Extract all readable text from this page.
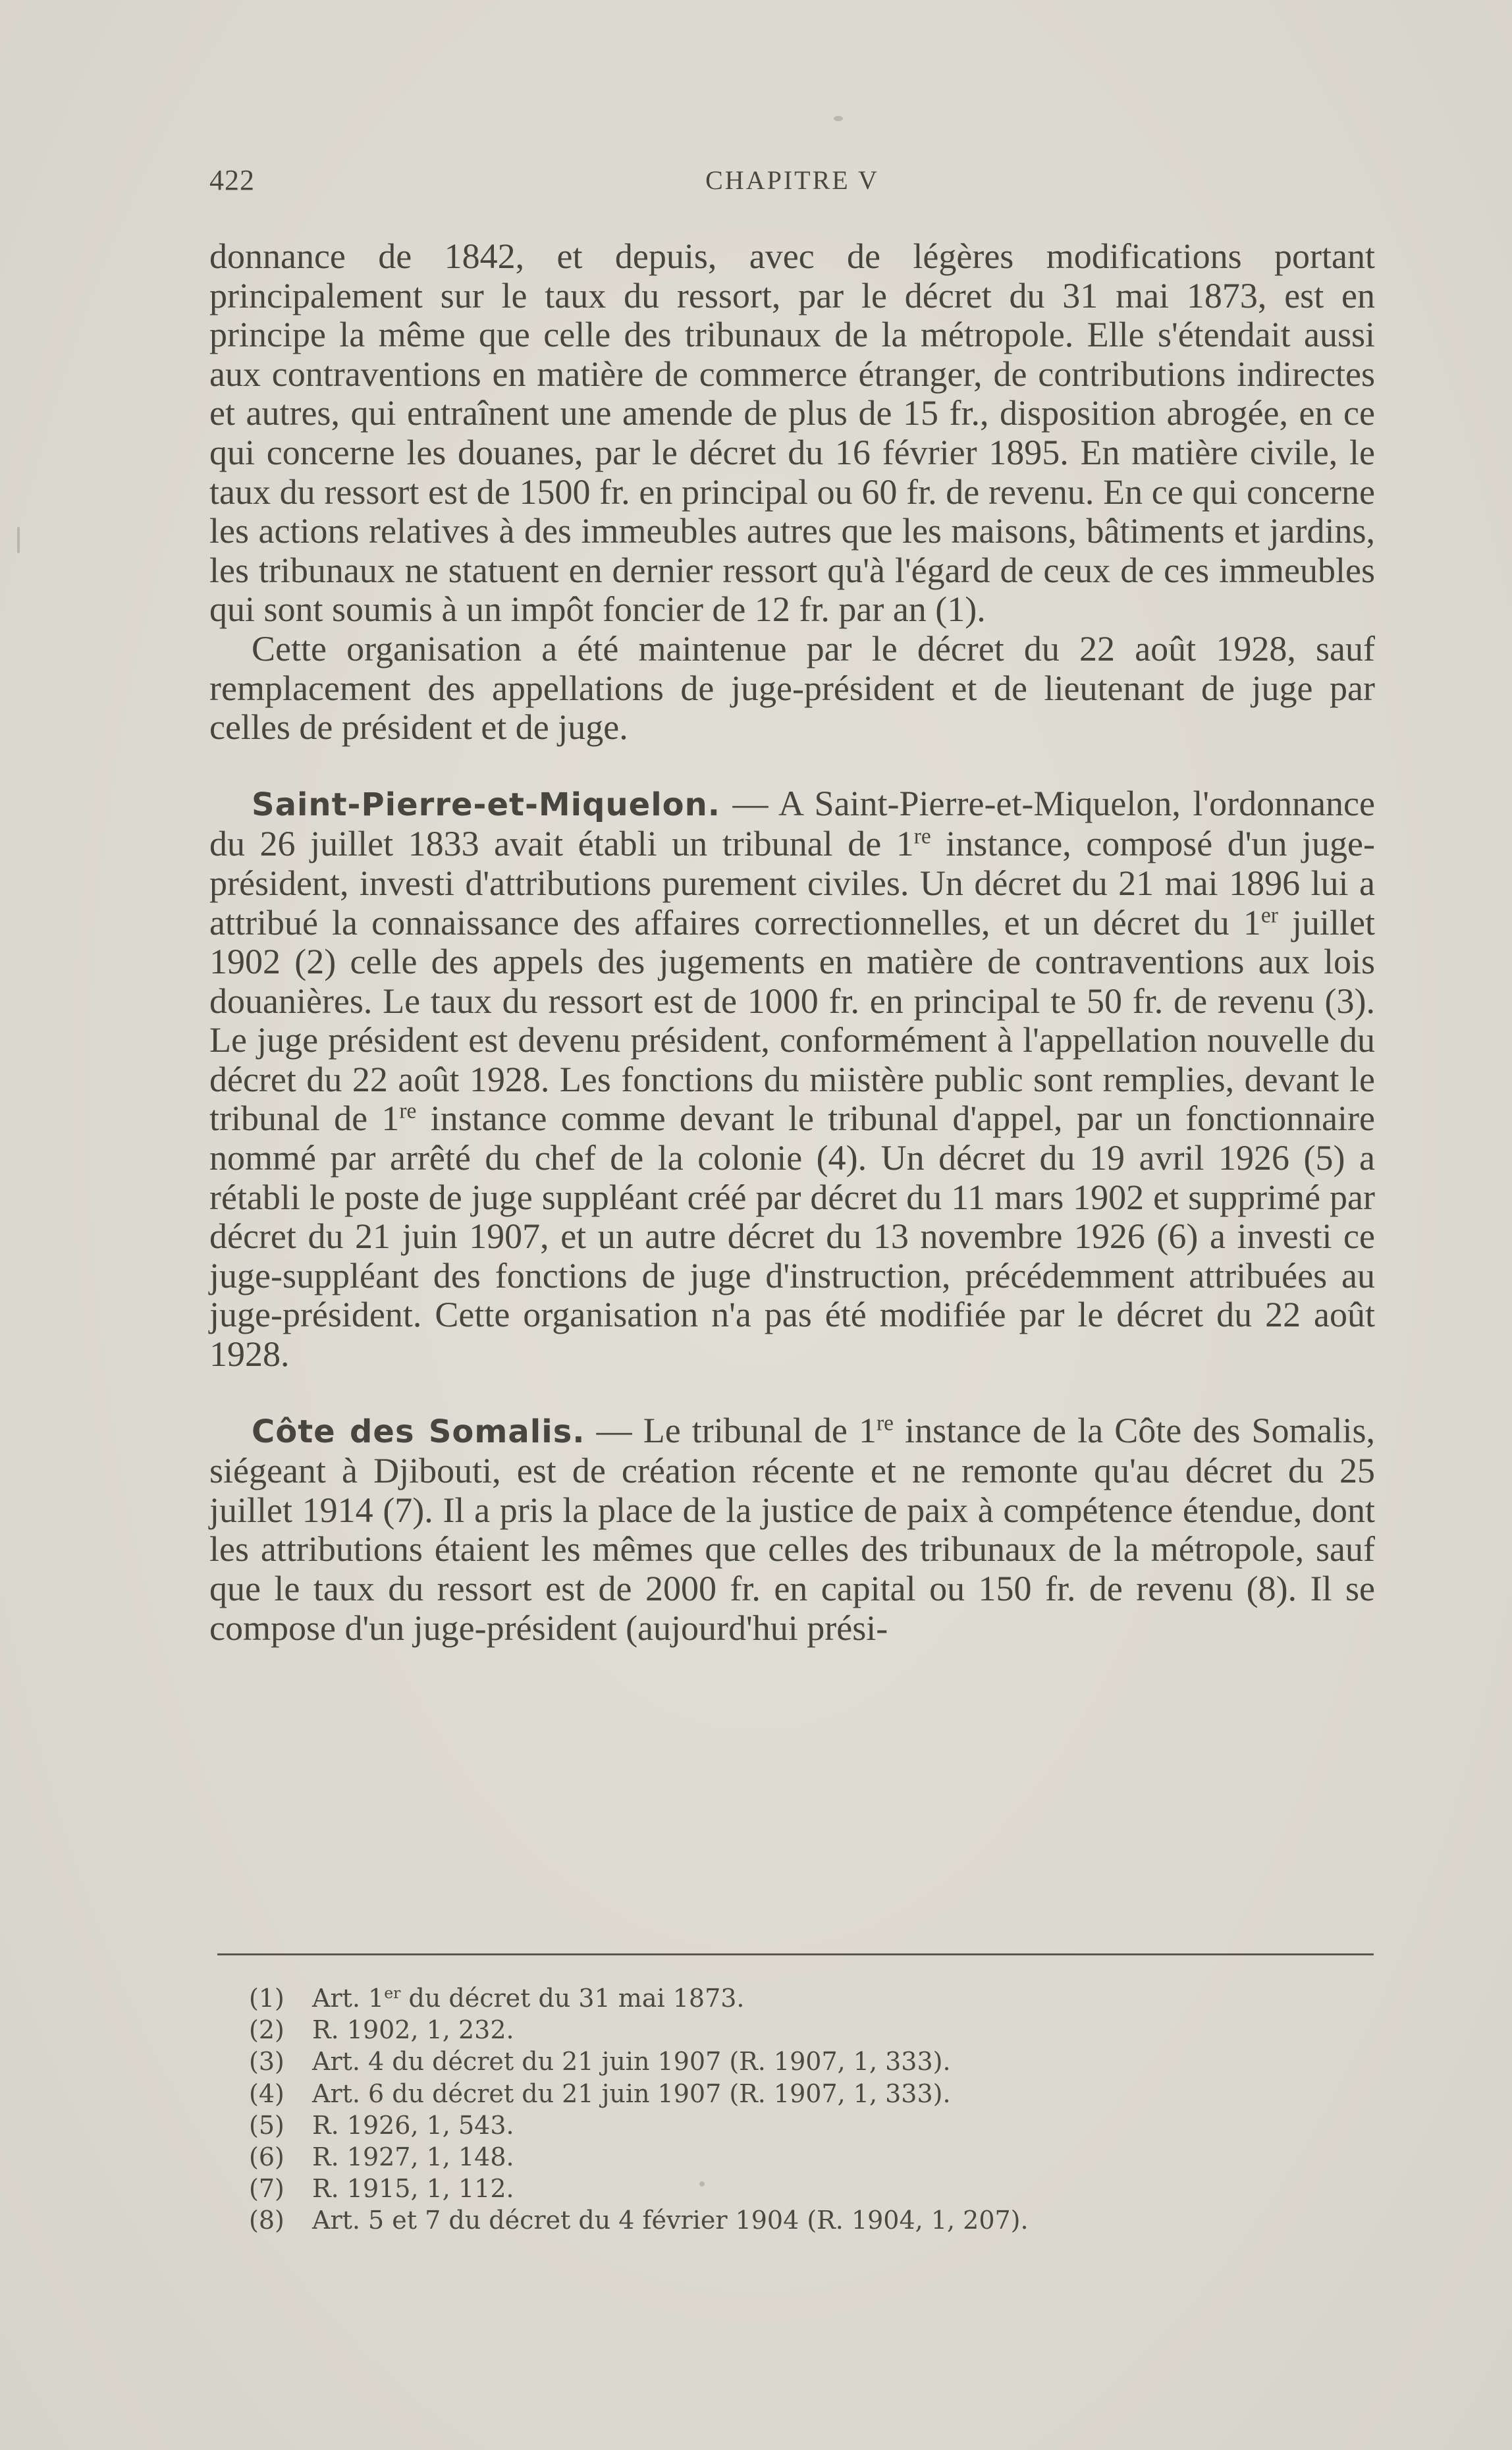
422	CHAPITRE V

donnance de 1842, et depuis, avec de légères modifications portant principalement sur le taux du ressort, par le décret du 31 mai 1873, est en principe la même que celle des tribunaux de la métropole. Elle s'étendait aussi aux contraventions en matière de commerce étranger, de contributions indirectes et autres, qui entraînent une amende de plus de 15 fr., disposition abrogée, en ce qui concerne les douanes, par le décret du 16 février 1895. En matière civile, le taux du ressort est de 1500 fr. en principal ou 60 fr. de revenu. En ce qui concerne les actions relatives à des immeubles autres que les maisons, bâtiments et jardins, les tribunaux ne statuent en dernier ressort qu'à l'égard de ceux de ces immeubles qui sont soumis à un impôt foncier de 12 fr. par an (1).

Cette organisation a été maintenue par le décret du 22 août 1928, sauf remplacement des appellations de juge-président et de lieutenant de juge par celles de président et de juge.

Saint-Pierre-et-Miquelon. — A Saint-Pierre-et-Miquelon, l'ordonnance du 26 juillet 1833 avait établi un tribunal de 1re instance, composé d'un juge-président, investi d'attributions purement civiles. Un décret du 21 mai 1896 lui a attribué la connaissance des affaires correctionnelles, et un décret du 1er juillet 1902 (2) celle des appels des jugements en matière de contraventions aux lois douanières. Le taux du ressort est de 1000 fr. en principal te 50 fr. de revenu (3). Le juge président est devenu président, conformément à l'appellation nouvelle du décret du 22 août 1928. Les fonctions du miistère public sont remplies, devant le tribunal de 1re instance comme devant le tribunal d'appel, par un fonctionnaire nommé par arrêté du chef de la colonie (4). Un décret du 19 avril 1926 (5) a rétabli le poste de juge suppléant créé par décret du 11 mars 1902 et supprimé par décret du 21 juin 1907, et un autre décret du 13 novembre 1926 (6) a investi ce juge-suppléant des fonctions de juge d'instruction, précédemment attribuées au juge-président. Cette organisation n'a pas été modifiée par le décret du 22 août 1928.

Côte des Somalis. — Le tribunal de 1re instance de la Côte des Somalis, siégeant à Djibouti, est de création récente et ne remonte qu'au décret du 25 juillet 1914 (7). Il a pris la place de la justice de paix à compétence étendue, dont les attributions étaient les mêmes que celles des tribunaux de la métropole, sauf que le taux du ressort est de 2000 fr. en capital ou 150 fr. de revenu (8). Il se compose d'un juge-président (aujourd'hui prési-

(1)	Art. 1er du décret du 31 mai 1873.
(2)	R. 1902, 1, 232.
(3)	Art. 4 du décret du 21 juin 1907 (R. 1907, 1, 333).
(4)	Art. 6 du décret du 21 juin 1907 (R. 1907, 1, 333).
(5)	R. 1926, 1, 543.
(6)	R. 1927, 1, 148.
(7)	R. 1915, 1, 112.
(8)	Art. 5 et 7 du décret du 4 février 1904 (R. 1904, 1, 207).
